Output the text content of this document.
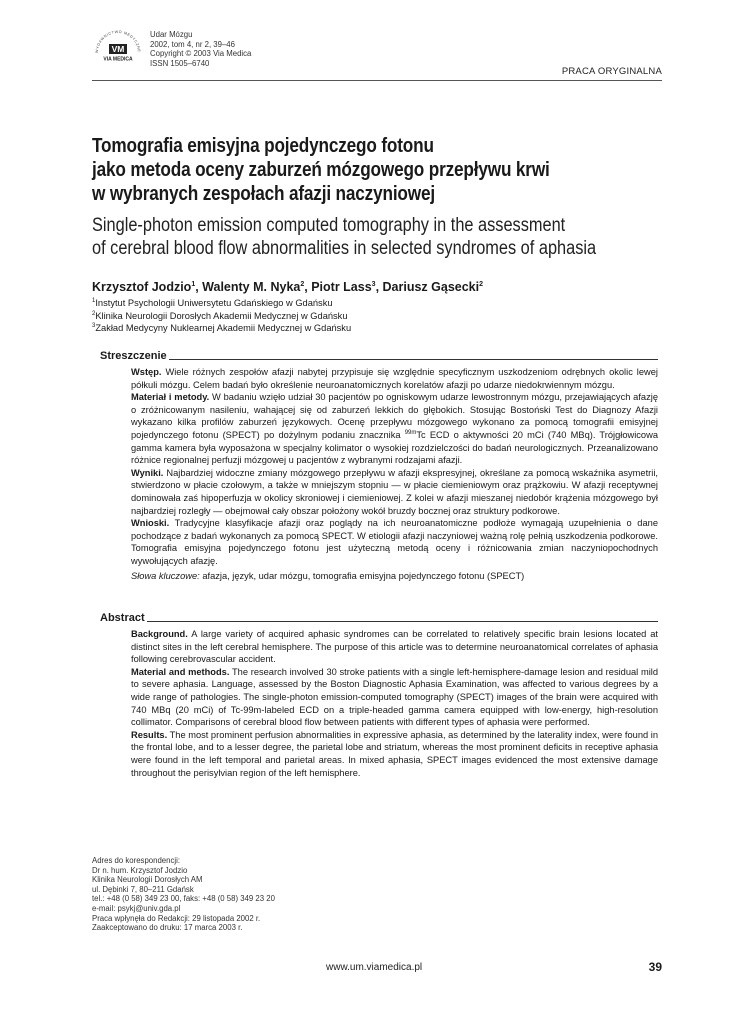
WYDAWNICTWO MEDYCZNE
VM
VIA MEDICA
Udar Mózgu
2002, tom 4, nr 2, 39–46
Copyright © 2003 Via Medica
ISSN 1505–6740
PRACA ORYGINALNA
Tomografia emisyjna pojedynczego fotonu
jako metoda oceny zaburzeń mózgowego przepływu krwi
w wybranych zespołach afazji naczyniowej
Single-photon emission computed tomography in the assessment
of cerebral blood flow abnormalities in selected syndromes of aphasia
Krzysztof Jodzio$^1$, Walenty M. Nyka$^2$, Piotr Lass$^3$, Dariusz Gąsecki$^2$
$^1$Instytut Psychologii Uniwersytetu Gdańskiego w Gdańsku
$^2$Klinika Neurologii Dorosłych Akademii Medycznej w Gdańsku
$^3$Zakład Medycyny Nuklearnej Akademii Medycznej w Gdańsku
Streszczenie

Wstęp. Wiele różnych zespołów afazji nabytej przypisuje się względnie specyficznym uszkodzeniom odrębnych okolic lewej półkuli mózgu. Celem badań było określenie neuroanatomicznych korelatów afazji po udarze niedokrwiennym mózgu.

Materiał i metody. W badaniu wzięło udział 30 pacjentów po ogniskowym udarze lewostronnym mózgu, przejawiających afazję o zróżnicowanym nasileniu, wahającej się od zaburzeń lekkich do głębokich. Stosując Bostoński Test do Diagnozy Afazji wykazano kilka profilów zaburzeń językowych. Ocenę przepływu mózgowego wykonano za pomocą tomografii emisyjnej pojedynczego fotonu (SPECT) po dożylnym podaniu znacznika $^{99m}$Tc ECD o aktywności 20 mCi (740 MBq). Trójgłowicowa gamma kamera była wyposażona w specjalny kolimator o wysokiej rozdzielczości do badań neurologicznych. Przeanalizowano różnice regionalnej perfuzji mózgowej u pacjentów z wybranymi rodzajami afazji.

Wyniki. Najbardziej widoczne zmiany mózgowego przepływu w afazji ekspresyjnej, określane za pomocą wskaźnika asymetrii, stwierdzono w płacie czołowym, a także w mniejszym stopniu — w płacie ciemieniowym oraz prążkowiu. W afazji receptywnej dominowała zaś hipoperfuzja w okolicy skroniowej i ciemieniowej. Z kolei w afazji mieszanej niedobór krążenia mózgowego był najbardziej rozległy — obejmował cały obszar położony wokół bruzdy bocznej oraz struktury podkorowe.

Wnioski. Tradycyjne klasyfikacje afazji oraz poglądy na ich neuroanatomiczne podłoże wymagają uzupełnienia o dane pochodzące z badań wykonanych za pomocą SPECT. W etiologii afazji naczyniowej ważną rolę pełnią uszkodzenia podkorowe. Tomografia emisyjna pojedynczego fotonu jest użyteczną metodą oceny i różnicowania zmian naczyniopochodnych wywołujących afazję.

Słowa kluczowe: afazja, język, udar mózgu, tomografia emisyjna pojedynczego fotonu (SPECT)

Abstract

Background. A large variety of acquired aphasic syndromes can be correlated to relatively specific brain lesions located at distinct sites in the left cerebral hemisphere. The purpose of this article was to determine neuroanatomical correlates of aphasia following cerebrovascular accident.

Material and methods. The research involved 30 stroke patients with a single left-hemisphere-damage lesion and residual mild to severe aphasia. Language, assessed by the Boston Diagnostic Aphasia Examination, was affected to various degrees by a wide range of pathologies. The single-photon emission-computed tomography (SPECT) images of the brain were acquired with 740 MBq (20 mCi) of Tc-99m-labeled ECD on a triple-headed gamma camera equipped with low-energy, high-resolution collimator. Comparisons of cerebral blood flow between patients with different types of aphasia were performed.

Results. The most prominent perfusion abnormalities in expressive aphasia, as determined by the laterality index, were found in the frontal lobe, and to a lesser degree, the parietal lobe and striatum, whereas the most prominent deficits in receptive aphasia were found in the left temporal and parietal areas. In mixed aphasia, SPECT images evidenced the most extensive damage throughout the perisylvian region of the left hemisphere.

Adres do korespondencji:
Dr n. hum. Krzysztof Jodzio
Klinika Neurologii Dorosłych AM
ul. Dębinki 7, 80–211 Gdańsk
tel.: +48 (0 58) 349 23 00, faks: +48 (0 58) 349 23 20
e-mail: psykj@univ.gda.pl
Praca wpłynęła do Redakcji: 29 listopada 2002 r.
Zaakceptowano do druku: 17 marca 2003 r.
www.um.viamedica.pl	39
